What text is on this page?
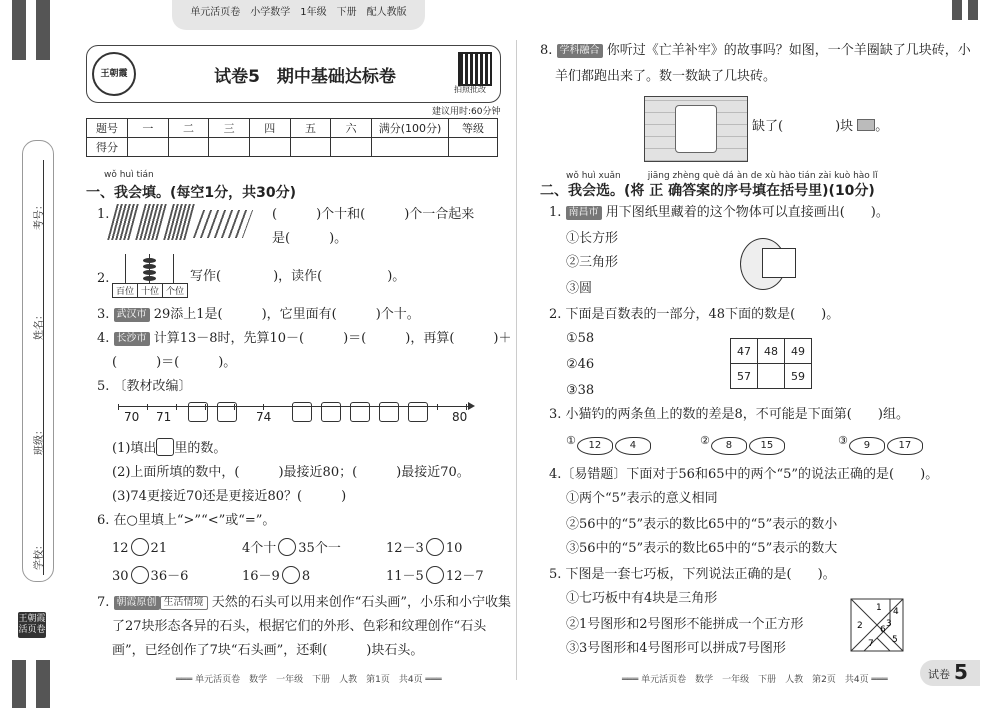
考号：
姓名：
班级：
学校：
王朝霞
活页卷
单元活页卷　小学数学　1年级　下册　配人教版
王朝霞	试卷5　期中基础达标卷
拍照批改
建议用时:60分钟
题号	一	二	三	四	五	六	满分(100分)	等级
得分								
wǒ huì tián
一、我会填。(每空1分，共30分)
1.	(　　　)个十和(　　　)个一合起来
是(　　　)。
2.
百位 十位 个位
写作(　　　　)，读作(　　　　　)。
3. 武汉市 29添上1是(　　　)，它里面有(　　　)个十。
4. 长沙市 计算13－8时，先算10－(　　　)＝(　　　)，再算(　　　)＋
(　　　)＝(　　　)。
5. 〔教材改编〕
70 71	74	80
(1)填出 里的数。
(2)上面所填的数中，(　　　)最接近80；(　　　)最接近70。
(3)74更接近70还是更接近80？(　　　)
6. 在○里填上“>”“<”或“=”。
12 21	4个十 35个一	12－3 10
30 36－6	16－9 8	11－5 12－7
7. 朝霞原创 生活情境 天然的石头可以用来创作“石头画”，小乐和小宁收集
了27块形态各异的石头，根据它们的外形、色彩和纹理创作“石头
画”，已经创作了7块“石头画”，还剩(　　　)块石头。
═══ 单元活页卷　数学　一年级　下册　人教　第1页　共4页 ═══
8. 学科融合 你听过《亡羊补牢》的故事吗？如图，一个羊圈缺了几块砖，小
羊们都跑出来了。数一数缺了几块砖。
缺了(　　　　)块 。
wǒ huì xuǎn　　　jiāng zhèng què dá àn de xù hào tián zài kuò hào lǐ
二、我会选。(将 正 确答案的序号填在括号里)(10分)
1. 南昌市 用下图纸里藏着的这个物体可以直接画出(　　)。
①长方形
②三角形
③圆
2. 下面是百数表的一部分，48下面的数是(　　)。
①58
②46
③38
47	48	49
57		59
3. 小猫钓的两条鱼上的数的差是8，不可能是下面第(　　)组。
① 12	4	② 8	15	③ 9	17
4.〔易错题〕下面对于56和65中的两个“5”的说法正确的是(　　)。
①两个“5”表示的意义相同
②56中的“5”表示的数比65中的“5”表示的数小
③56中的“5”表示的数比65中的“5”表示的数大
5. 下图是一套七巧板，下列说法正确的是(　　)。
①七巧板中有4块是三角形
②1号图形和2号图形不能拼成一个正方形
③3号图形和4号图形可以拼成7号图形
1
2
4
5
6
7
3
═══ 单元活页卷　数学　一年级　下册　人教　第2页　共4页 ═══	试卷 5
